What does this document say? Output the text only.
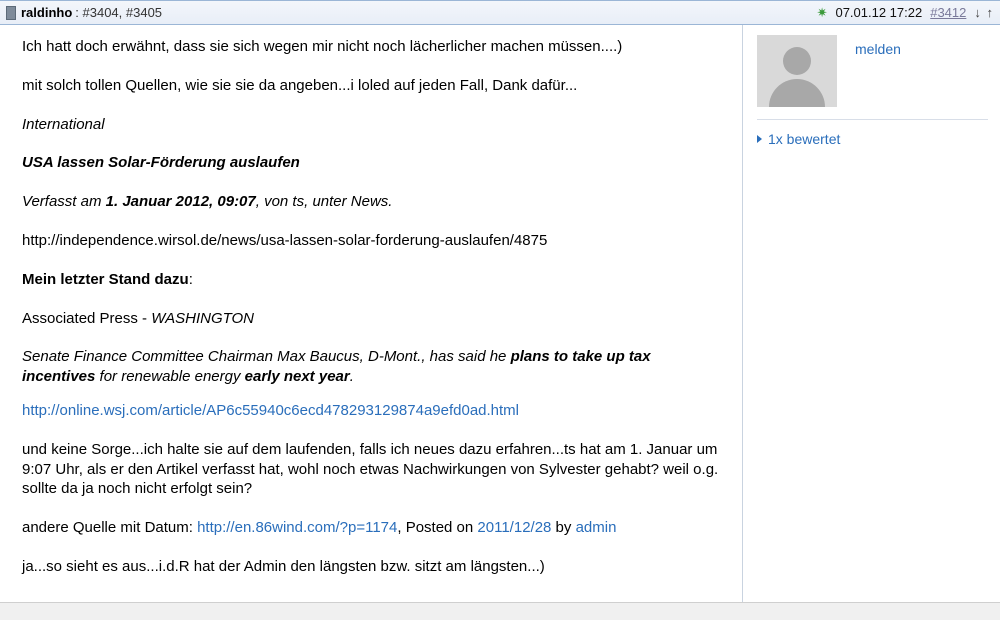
raldinho : #3404, #3405	✷ 07.01.12 17:22 #3412 ↓ ↑

Ich hatt doch erwähnt, dass sie sich wegen mir nicht noch lächerlicher machen müssen....)

mit solch tollen Quellen, wie sie sie da angeben...i loled auf jeden Fall, Dank dafür...

International

USA lassen Solar-Förderung auslaufen

Verfasst am 1. Januar 2012, 09:07, von ts, unter News.

http://independence.wirsol.de/news/usa-lassen-solar-forderung-auslaufen/4875

Mein letzter Stand dazu:

Associated Press - WASHINGTON

Senate Finance Committee Chairman Max Baucus, D-Mont., has said he plans to take up tax incentives for renewable energy early next year.

http://online.wsj.com/article/AP6c55940c6ecd478293129874a9efd0ad.html

und keine Sorge...ich halte sie auf dem laufenden, falls ich neues dazu erfahren...ts hat am 1. Januar um 9:07 Uhr, als er den Artikel verfasst hat, wohl noch etwas Nachwirkungen von Sylvester gehabt? weil o.g. sollte da ja noch nicht erfolgt sein?

andere Quelle mit Datum: http://en.86wind.com/?p=1174, Posted on 2011/12/28 by admin

ja...so sieht es aus...i.d.R hat der Admin den längsten bzw. sitzt am längsten...)

melden
1x bewertet
